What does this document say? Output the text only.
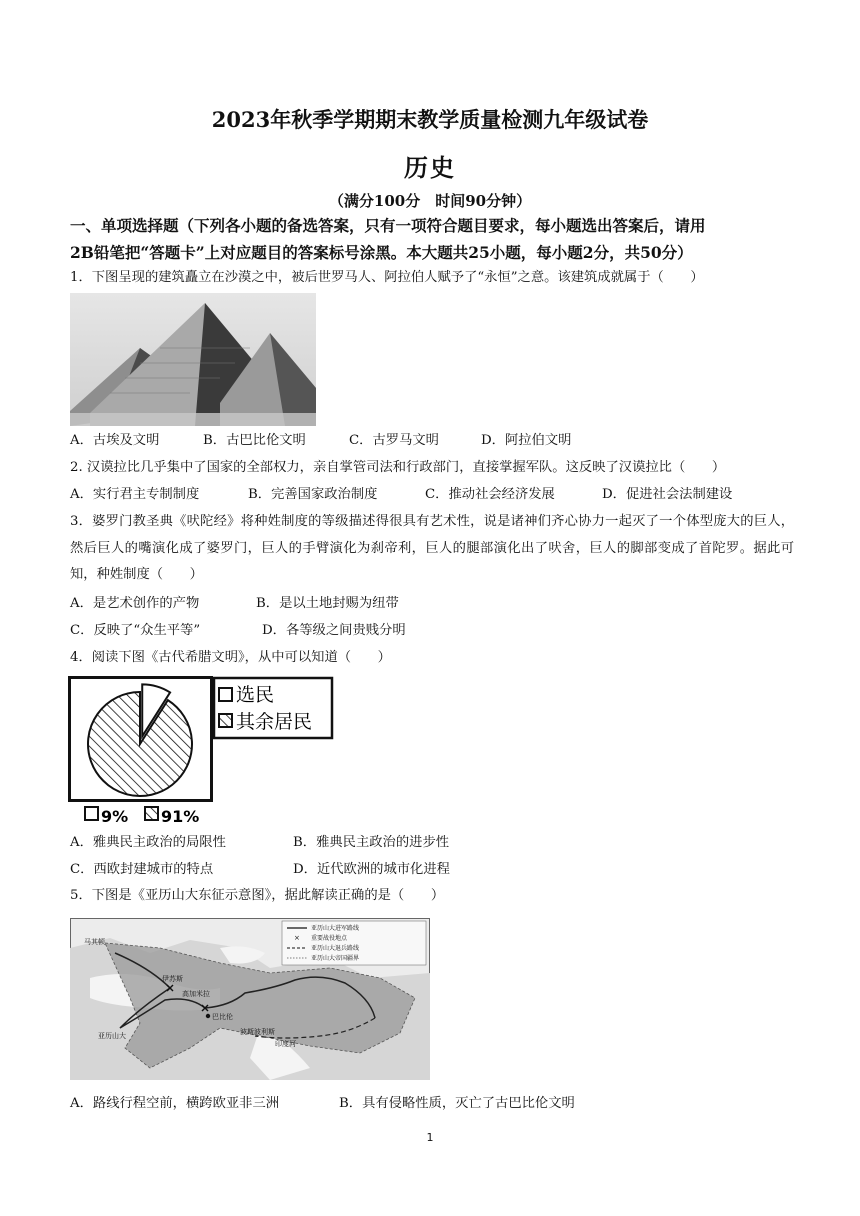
2023年秋季学期期末教学质量检测九年级试卷
历史
（满分100分　时间90分钟）
一、单项选择题（下列各小题的备选答案，只有一项符合题目要求，每小题选出答案后，请用
2B铅笔把“答题卡”上对应题目的答案标号涂黑。本大题共25小题，每小题2分，共50分）
1．下图呈现的建筑矗立在沙漠之中，被后世罗马人、阿拉伯人赋予了“永恒”之意。该建筑成就属于（　　）
A．古埃及文明	B．古巴比伦文明	C．古罗马文明	D．阿拉伯文明
2. 汉谟拉比几乎集中了国家的全部权力，亲自掌管司法和行政部门，直接掌握军队。这反映了汉谟拉比（　　）
A．实行君主专制制度	B．完善国家政治制度	C．推动社会经济发展	D．促进社会法制建设
3．婆罗门教圣典《吠陀经》将种姓制度的等级描述得很具有艺术性，说是诸神们齐心协力一起灭了一个体型庞大的巨人，然后巨人的嘴演化成了婆罗门，巨人的手臂演化为刹帝利，巨人的腿部演化出了吠舍，巨人的脚部变成了首陀罗。据此可知，种姓制度（　　）
A．是艺术创作的产物	B．是以土地封赐为纽带
C．反映了“众生平等”	D．各等级之间贵贱分明
4．阅读下图《古代希腊文明》，从中可以知道（　　）
选民
其余居民
9% 91%
A．雅典民主政治的局限性	B．雅典民主政治的进步性
C．西欧封建城市的特点	D．近代欧洲的城市化进程
5．下图是《亚历山大东征示意图》，据此解读正确的是（　　）
马其顿
伊苏斯
高加米拉
巴比伦
亚历山大	波斯波利斯
印度河
亚历山大进军路线
× 重要战役地点
亚历山大退兵路线
亚历山大帝国疆界
A．路线行程空前，横跨欧亚非三洲	B．具有侵略性质，灭亡了古巴比伦文明
1
